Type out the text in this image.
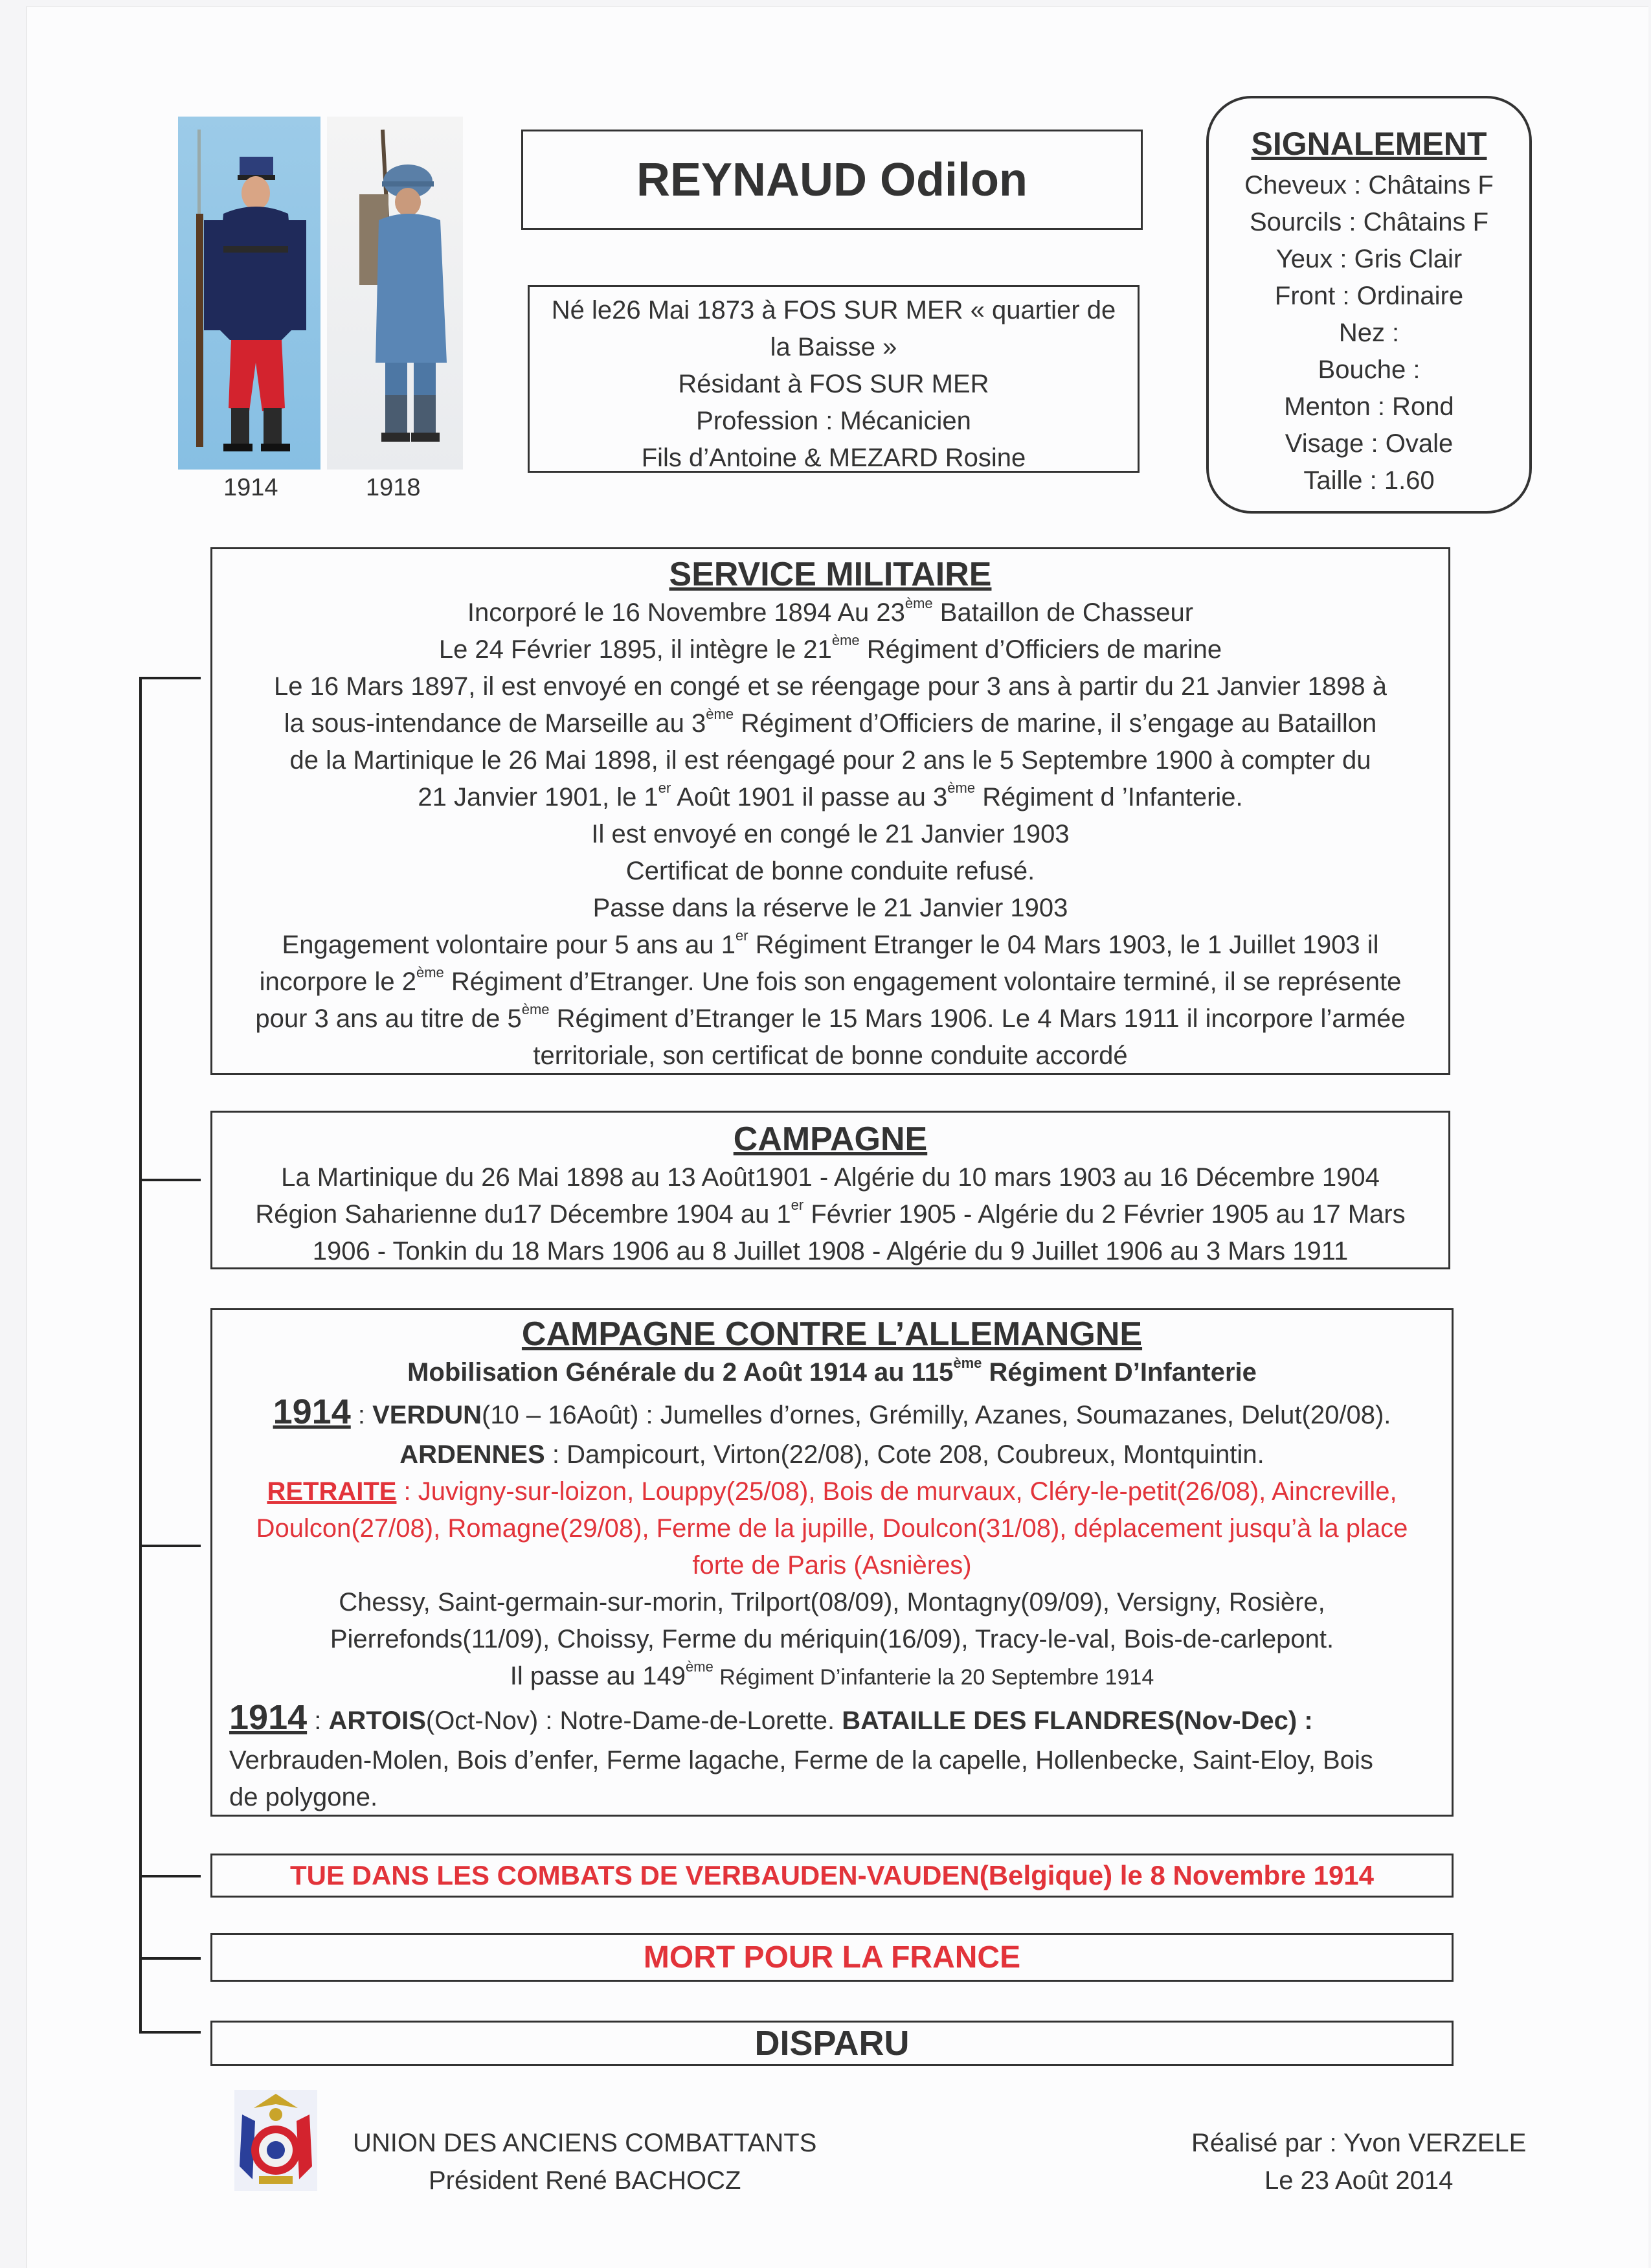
1914	1918
REYNAUD Odilon
Né le26 Mai 1873 à FOS SUR MER « quartier de
la Baisse »
Résidant à FOS SUR MER
Profession : Mécanicien
Fils d’Antoine & MEZARD Rosine
SIGNALEMENT
Cheveux : Châtains F
Sourcils : Châtains F
Yeux : Gris Clair
Front : Ordinaire
Nez :
Bouche :
Menton : Rond
Visage : Ovale
Taille : 1.60
SERVICE MILITAIRE
Incorporé le 16 Novembre 1894 Au 23ème Bataillon de Chasseur
Le 24 Février 1895, il intègre le 21ème Régiment d’Officiers de marine
Le 16 Mars 1897, il est envoyé en congé et se réengage pour 3 ans à partir du 21 Janvier 1898 à
la sous-intendance de Marseille au 3ème Régiment d’Officiers de marine, il s’engage au Bataillon
de la Martinique le 26 Mai 1898, il est réengagé pour 2 ans le 5 Septembre 1900 à compter du
21 Janvier 1901, le 1er Août 1901 il passe au 3ème Régiment d ’Infanterie.
Il est envoyé en congé le 21 Janvier 1903
Certificat de bonne conduite refusé.
Passe dans la réserve le 21 Janvier 1903
Engagement volontaire pour 5 ans au 1er Régiment Etranger le 04 Mars 1903, le 1 Juillet 1903 il
incorpore le 2ème Régiment d’Etranger. Une fois son engagement volontaire terminé, il se représente
pour 3 ans au titre de 5ème Régiment d’Etranger le 15 Mars 1906. Le 4 Mars 1911 il incorpore l’armée
territoriale, son certificat de bonne conduite accordé
CAMPAGNE
La Martinique du 26 Mai 1898 au 13 Août1901 - Algérie du 10 mars 1903 au 16 Décembre 1904
Région Saharienne du17 Décembre 1904 au 1er Février 1905 - Algérie du 2 Février 1905 au 17 Mars
1906 - Tonkin du 18 Mars 1906 au 8 Juillet 1908 - Algérie du 9 Juillet 1906 au 3 Mars 1911
CAMPAGNE CONTRE L’ALLEMANGNE
Mobilisation Générale du 2 Août 1914 au 115ème Régiment D’Infanterie
1914 : VERDUN(10 – 16Août) : Jumelles d’ornes, Grémilly, Azanes, Soumazanes, Delut(20/08).
ARDENNES : Dampicourt, Virton(22/08), Cote 208, Coubreux, Montquintin.
RETRAITE : Juvigny-sur-loizon, Louppy(25/08), Bois de murvaux, Cléry-le-petit(26/08), Aincreville,
Doulcon(27/08), Romagne(29/08), Ferme de la jupille, Doulcon(31/08), déplacement jusqu’à la place
forte de Paris (Asnières)
Chessy, Saint-germain-sur-morin, Trilport(08/09), Montagny(09/09), Versigny, Rosière,
Pierrefonds(11/09), Choissy, Ferme du mériquin(16/09), Tracy-le-val, Bois-de-carlepont.
Il passe au 149ème Régiment D’infanterie la 20 Septembre 1914
1914 : ARTOIS(Oct-Nov) : Notre-Dame-de-Lorette. BATAILLE DES FLANDRES(Nov-Dec) :
Verbrauden-Molen, Bois d’enfer, Ferme lagache, Ferme de la capelle, Hollenbecke, Saint-Eloy, Bois
de polygone.
TUE DANS LES COMBATS DE VERBAUDEN-VAUDEN(Belgique) le 8 Novembre 1914
MORT POUR LA FRANCE
DISPARU
UNION DES ANCIENS COMBATTANTS
Président René BACHOCZ
Réalisé par : Yvon VERZELE
Le 23 Août 2014
